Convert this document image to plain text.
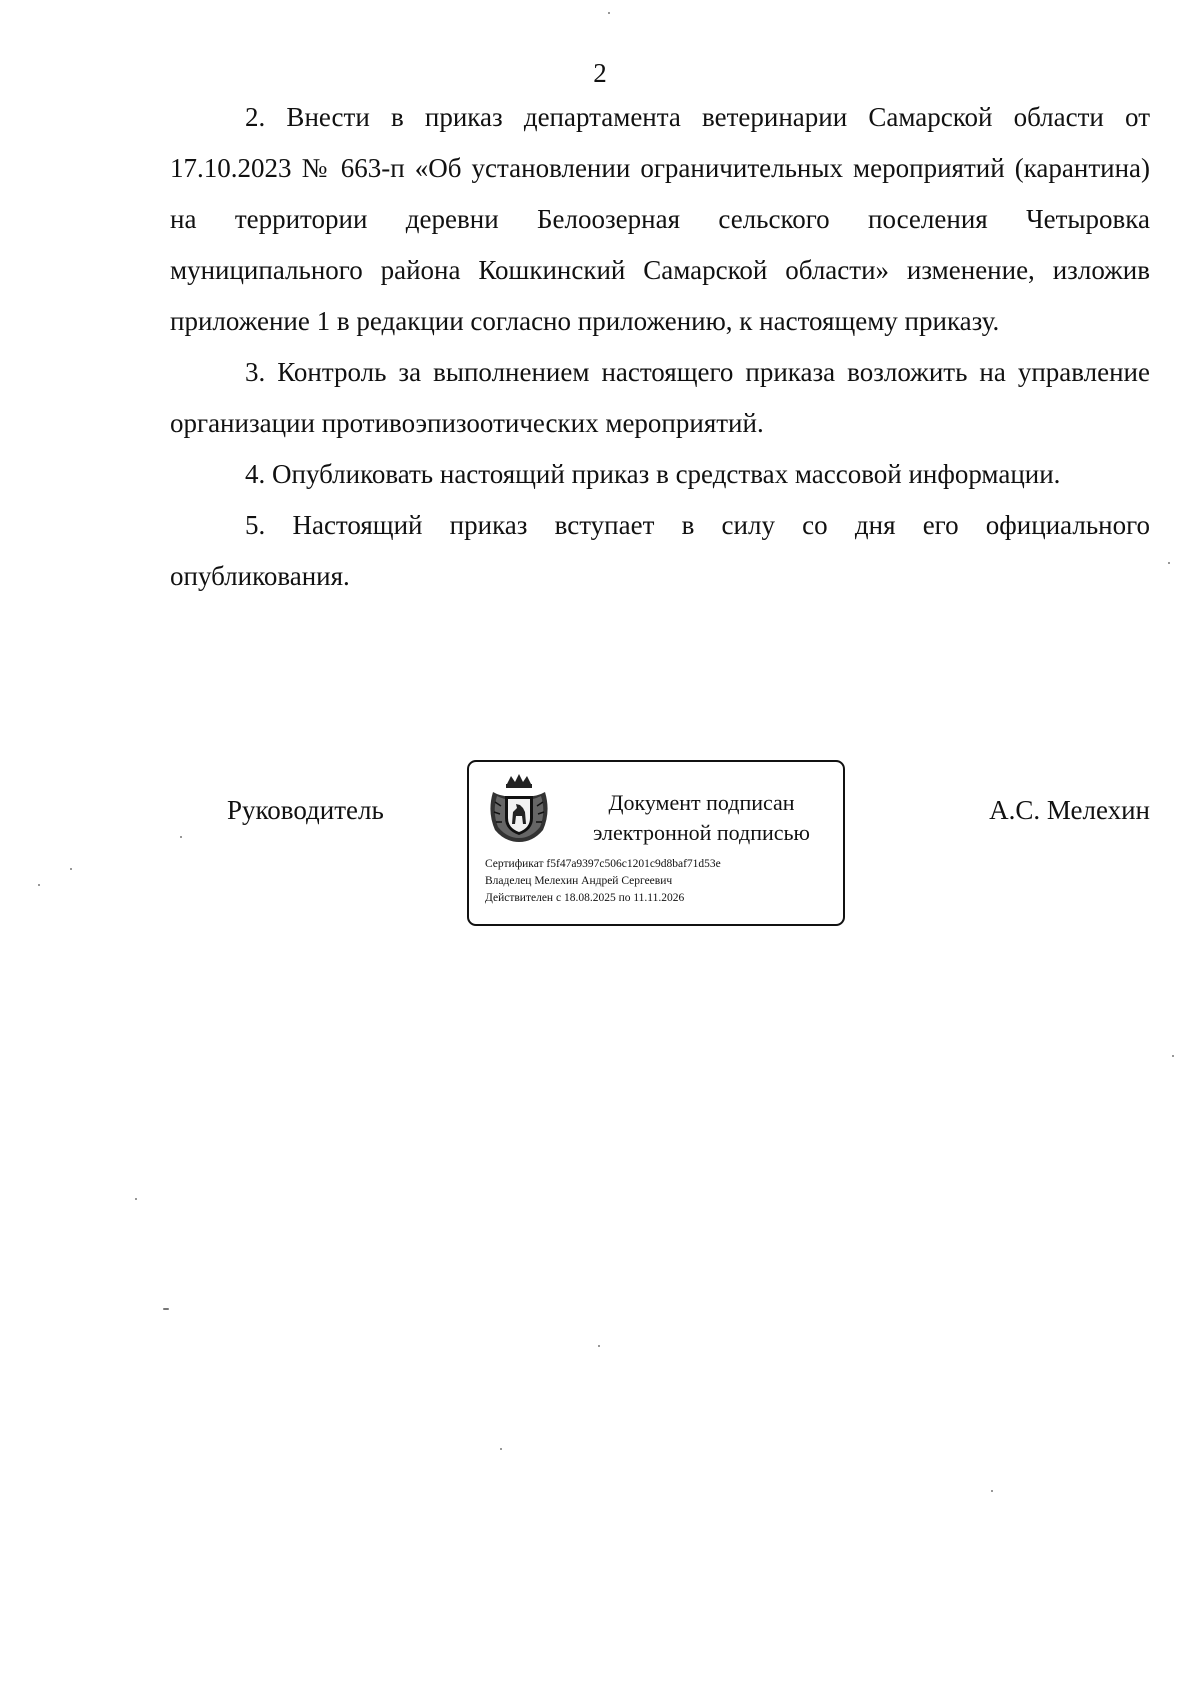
2

2. Внести в приказ департамента ветеринарии Самарской области от 17.10.2023 № 663-п «Об установлении ограничительных мероприятий (карантина) на территории деревни Белоозерная сельского поселения Четыровка муниципального района Кошкинский Самарской области» изменение, изложив приложение 1 в редакции согласно приложению, к настоящему приказу.

3. Контроль за выполнением настоящего приказа возложить на управление организации противоэпизоотических мероприятий.

4. Опубликовать настоящий приказ в средствах массовой информации.

5. Настоящий приказ вступает в силу со дня его официального опубликования.

Руководитель	Документ подписан
электронной подписью
Сертификат f5f47a9397c506c1201c9d8baf71d53e
Владелец Мелехин Андрей Сергеевич
Действителен с 18.08.2025 по 11.11.2026
А.С. Мелехин
